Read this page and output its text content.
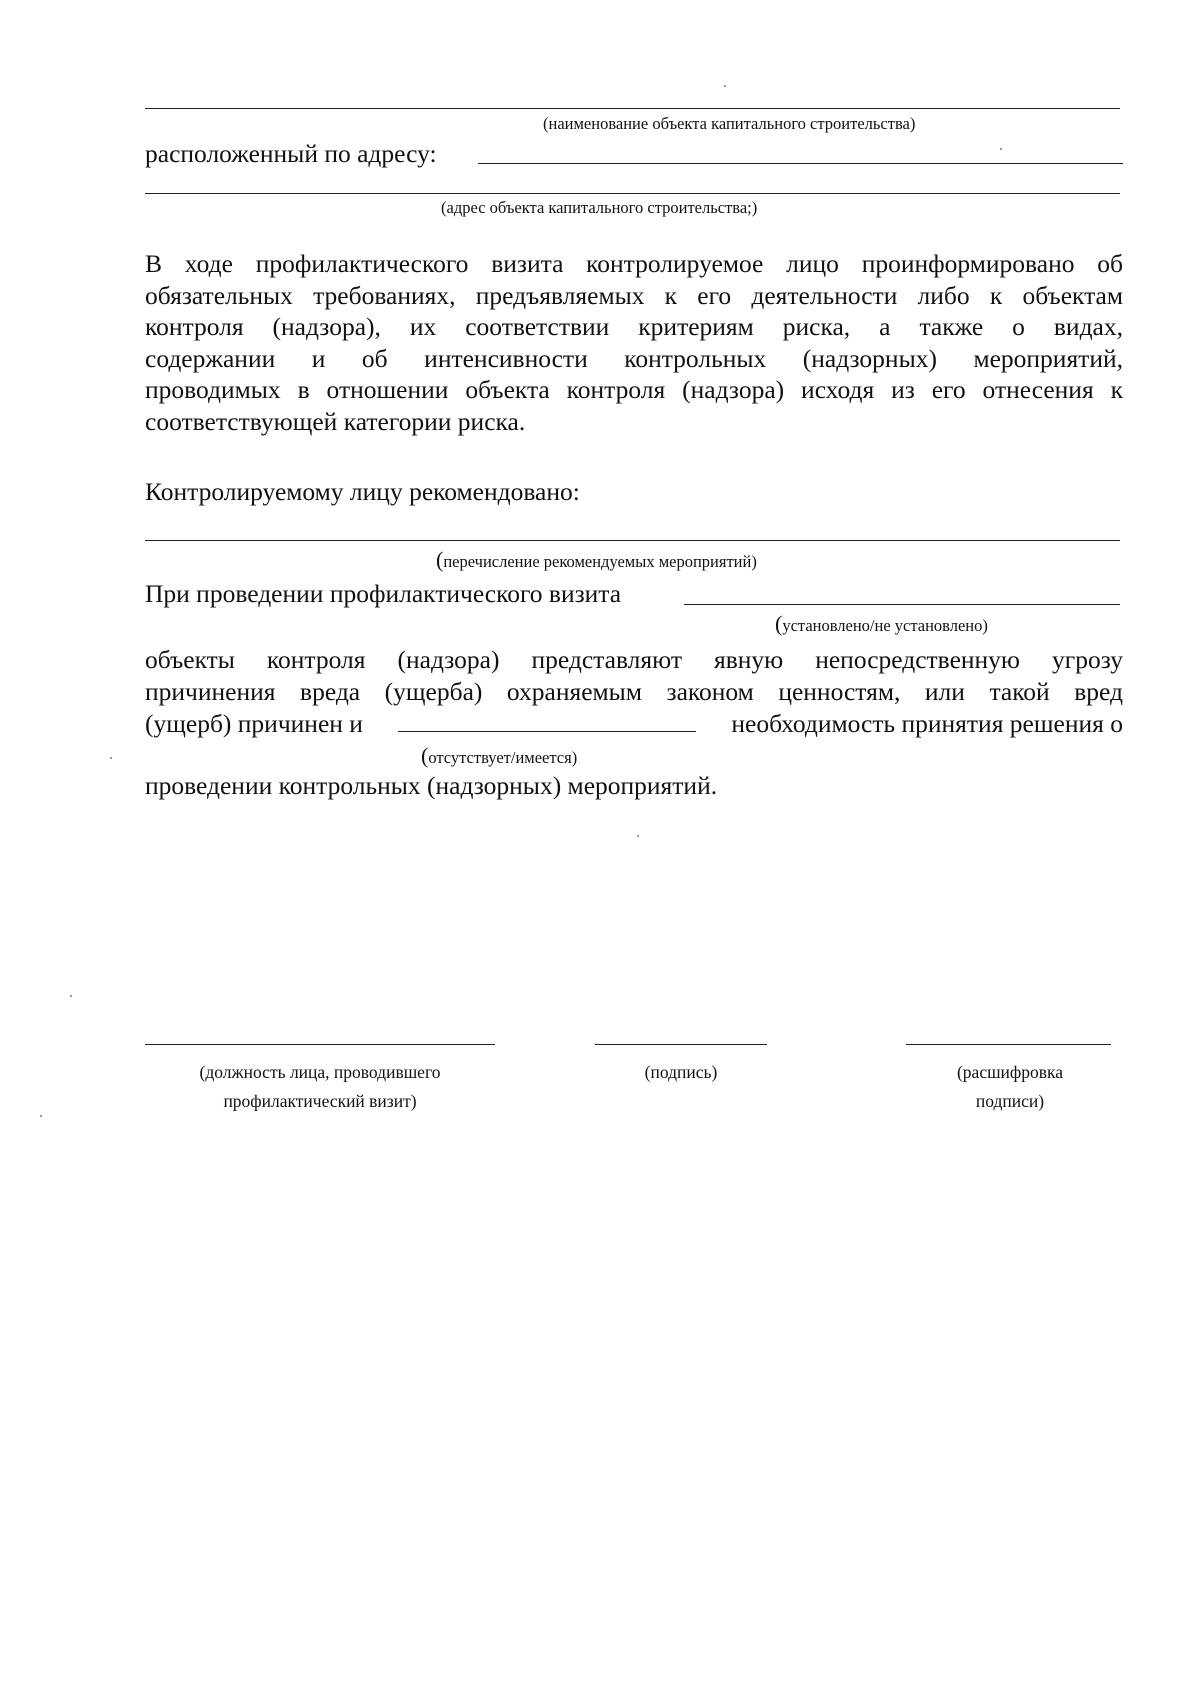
(наименование объекта капитального строительства)
расположенный по адресу:
(адрес объекта капитального строительства;)
В ходе профилактического визита контролируемое лицо проинформировано об
обязательных требованиях, предъявляемых к его деятельности либо к объектам
контроля (надзора), их соответствии критериям риска, а также о видах,
содержании и об интенсивности контрольных (надзорных) мероприятий,
проводимых в отношении объекта контроля (надзора) исходя из его отнесения к
соответствующей категории риска.
Контролируемому лицу рекомендовано:
(перечисление рекомендуемых мероприятий)
При проведении профилактического визита
(установлено/не установлено)
объекты контроля (надзора) представляют явную непосредственную угрозу
причинения вреда (ущерба) охраняемым законом ценностям, или такой вред
(ущерб) причинен и	необходимость принятия решения о
(отсутствует/имеется)
проведении контрольных (надзорных) мероприятий.
(должность лица, проводившего
профилактический визит)
(подпись)	(расшифровка
подписи)
